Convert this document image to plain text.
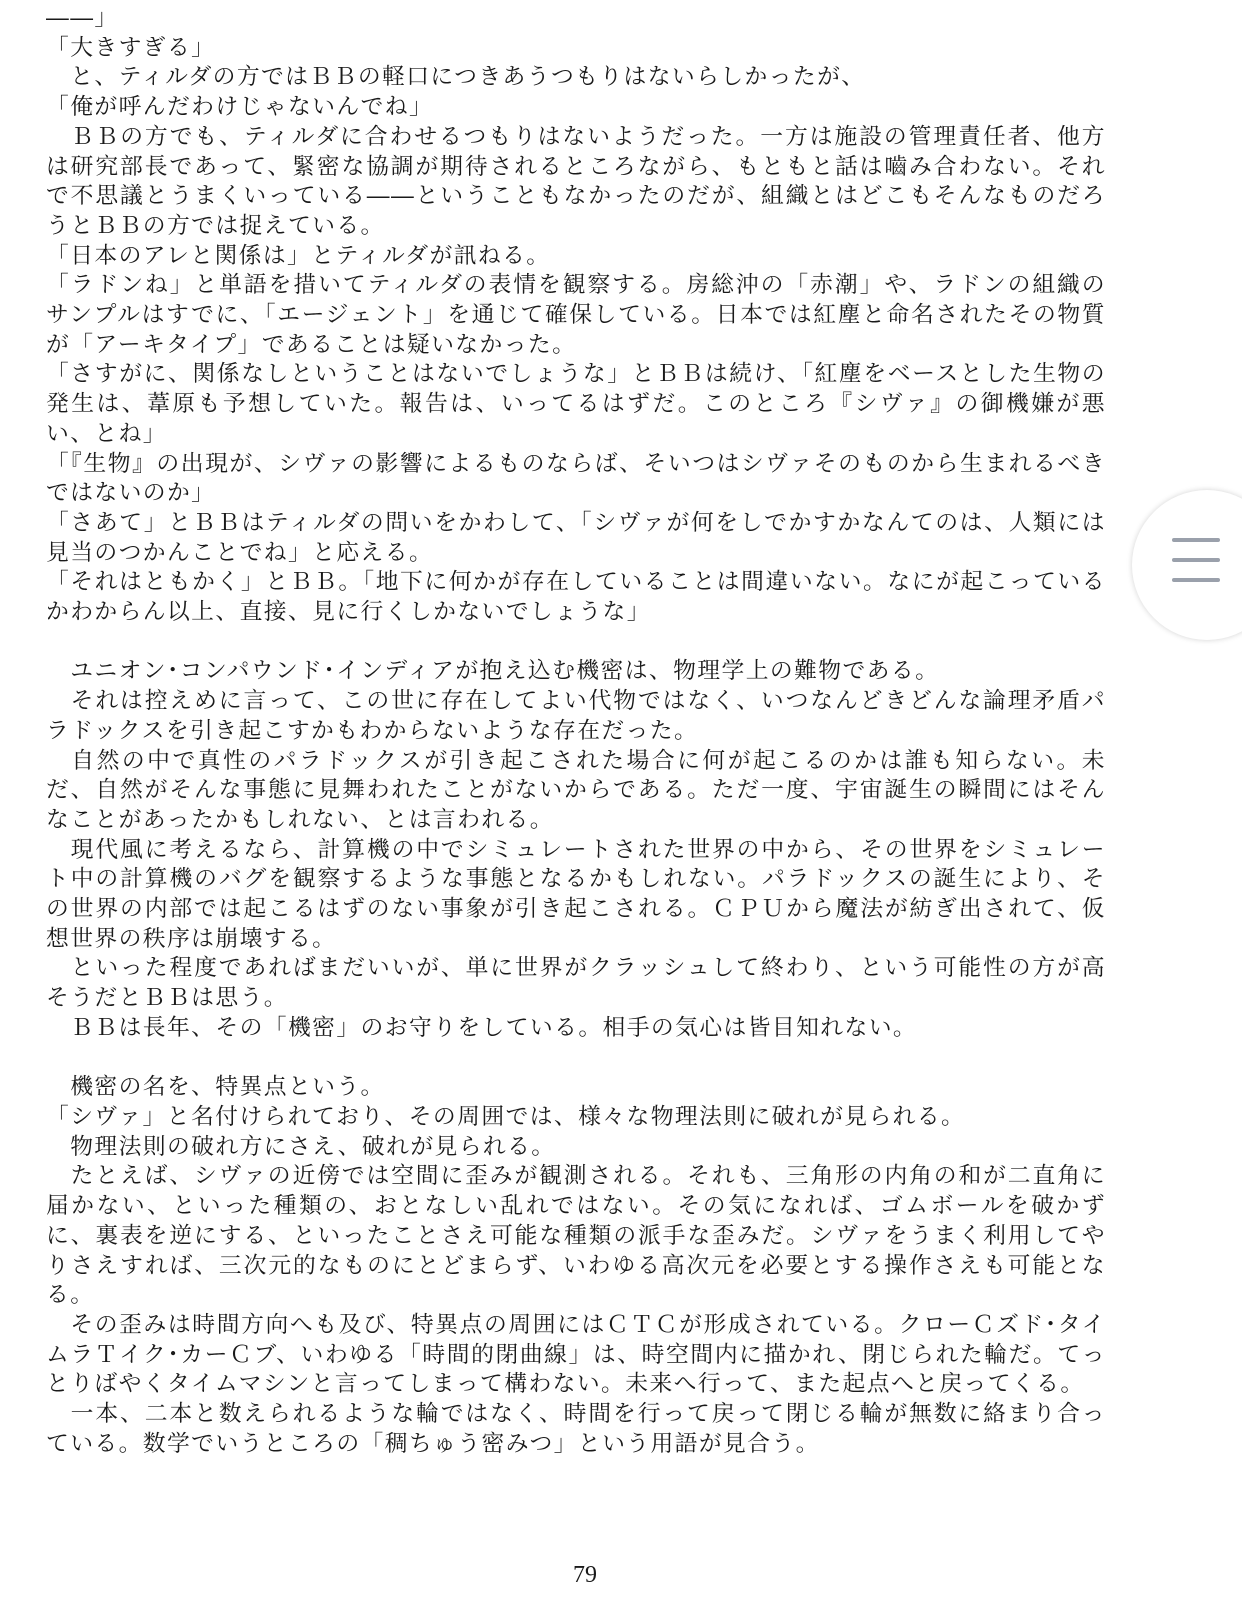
――」

「大きすぎる」

　と、ティルダの方ではＢＢの軽口につきあうつもりはないらしかったが、

「俺が呼んだわけじゃないんでね」

　ＢＢの方でも、ティルダに合わせるつもりはないようだった。一方は施設の管理責任者、他方は研究部長であって、緊密な協調が期待されるところながら、もともと話は嚙み合わない。それで不思議とうまくいっている――ということもなかったのだが、組織とはどこもそんなものだろうとＢＢの方では捉えている。

「日本のアレと関係は」とティルダが訊ねる。

「ラドンね」と単語を措いてティルダの表情を観察する。房総沖の「赤潮」や、ラドンの組織のサンプルはすでに、「エージェント」を通じて確保している。日本では紅塵と命名されたその物質が「アーキタイプ」であることは疑いなかった。

「さすがに、関係なしということはないでしょうな」とＢＢは続け、「紅塵をベースとした生物の発生は、葦原も予想していた。報告は、いってるはずだ。このところ『シヴァ』の御機嫌が悪い、とね」

「『生物』の出現が、シヴァの影響によるものならば、そいつはシヴァそのものから生まれるべきではないのか」

「さあて」とＢＢはティルダの問いをかわして、「シヴァが何をしでかすかなんてのは、人類には見当のつかんことでね」と応える。

「それはともかく」とＢＢ。「地下に何かが存在していることは間違いない。なにが起こっているかわからん以上、直接、見に行くしかないでしょうな」

　ユニオン･コンパウンド･インディアが抱え込む機密は、物理学上の難物である。

　それは控えめに言って、この世に存在してよい代物ではなく、いつなんどきどんな論理矛盾パラドックスを引き起こすかもわからないような存在だった。

　自然の中で真性のパラドックスが引き起こされた場合に何が起こるのかは誰も知らない。未だ、自然がそんな事態に見舞われたことがないからである。ただ一度、宇宙誕生の瞬間にはそんなことがあったかもしれない、とは言われる。

　現代風に考えるなら、計算機の中でシミュレートされた世界の中から、その世界をシミュレート中の計算機のバグを観察するような事態となるかもしれない。パラドックスの誕生により、その世界の内部では起こるはずのない事象が引き起こされる。ＣＰＵから魔法が紡ぎ出されて、仮想世界の秩序は崩壊する。

　といった程度であればまだいいが、単に世界がクラッシュして終わり、という可能性の方が高そうだとＢＢは思う。

　ＢＢは長年、その「機密」のお守りをしている。相手の気心は皆目知れない。

　機密の名を、特異点という。

「シヴァ」と名付けられており、その周囲では、様々な物理法則に破れが見られる。

　物理法則の破れ方にさえ、破れが見られる。

　たとえば、シヴァの近傍では空間に歪みが観測される。それも、三角形の内角の和が二直角に届かない、といった種類の、おとなしい乱れではない。その気になれば、ゴムボールを破かずに、裏表を逆にする、といったことさえ可能な種類の派手な歪みだ。シヴァをうまく利用してやりさえすれば、三次元的なものにとどまらず、いわゆる高次元を必要とする操作さえも可能となる。

　その歪みは時間方向へも及び、特異点の周囲にはＣＴＣが形成されている。クローＣズド･タイムラＴイク･カーＣブ、いわゆる「時間的閉曲線」は、時空間内に描かれ、閉じられた輪だ。てっとりばやくタイムマシンと言ってしまって構わない。未来へ行って、また起点へと戻ってくる。

　一本、二本と数えられるような輪ではなく、時間を行って戻って閉じる輪が無数に絡まり合っている。数学でいうところの「稠ちゅう密みつ」という用語が見合う。

79
